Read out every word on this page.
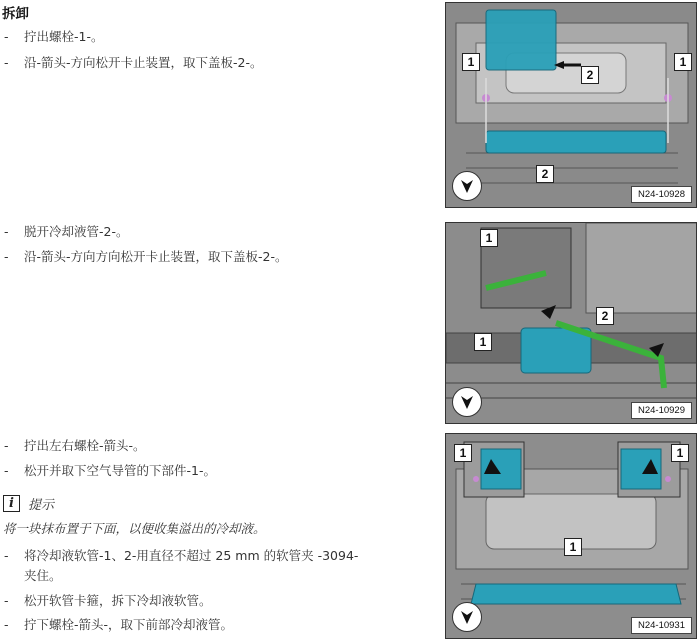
拆卸
- 拧出螺栓-1-。
- 沿-箭头-方向松开卡止装置，取下盖板-2-。
- 脱开冷却液管-2-。
- 沿-箭头-方向方向松开卡止装置，取下盖板-2-。
- 拧出左右螺栓-箭头-。
- 松开并取下空气导管的下部件-1-。
i	提示
将一块抹布置于下面，以便收集溢出的冷却液。
- 将冷却液软管-1、2-用直径不超过 25 mm 的软管夹 -3094-
夹住。
- 松开软管卡箍，拆下冷却液软管。
- 拧下螺栓-箭头-，取下前部冷却液管。
1
2
1
2
N24-10928
1
1
2
N24-10929
1	1
1
N24-10931
